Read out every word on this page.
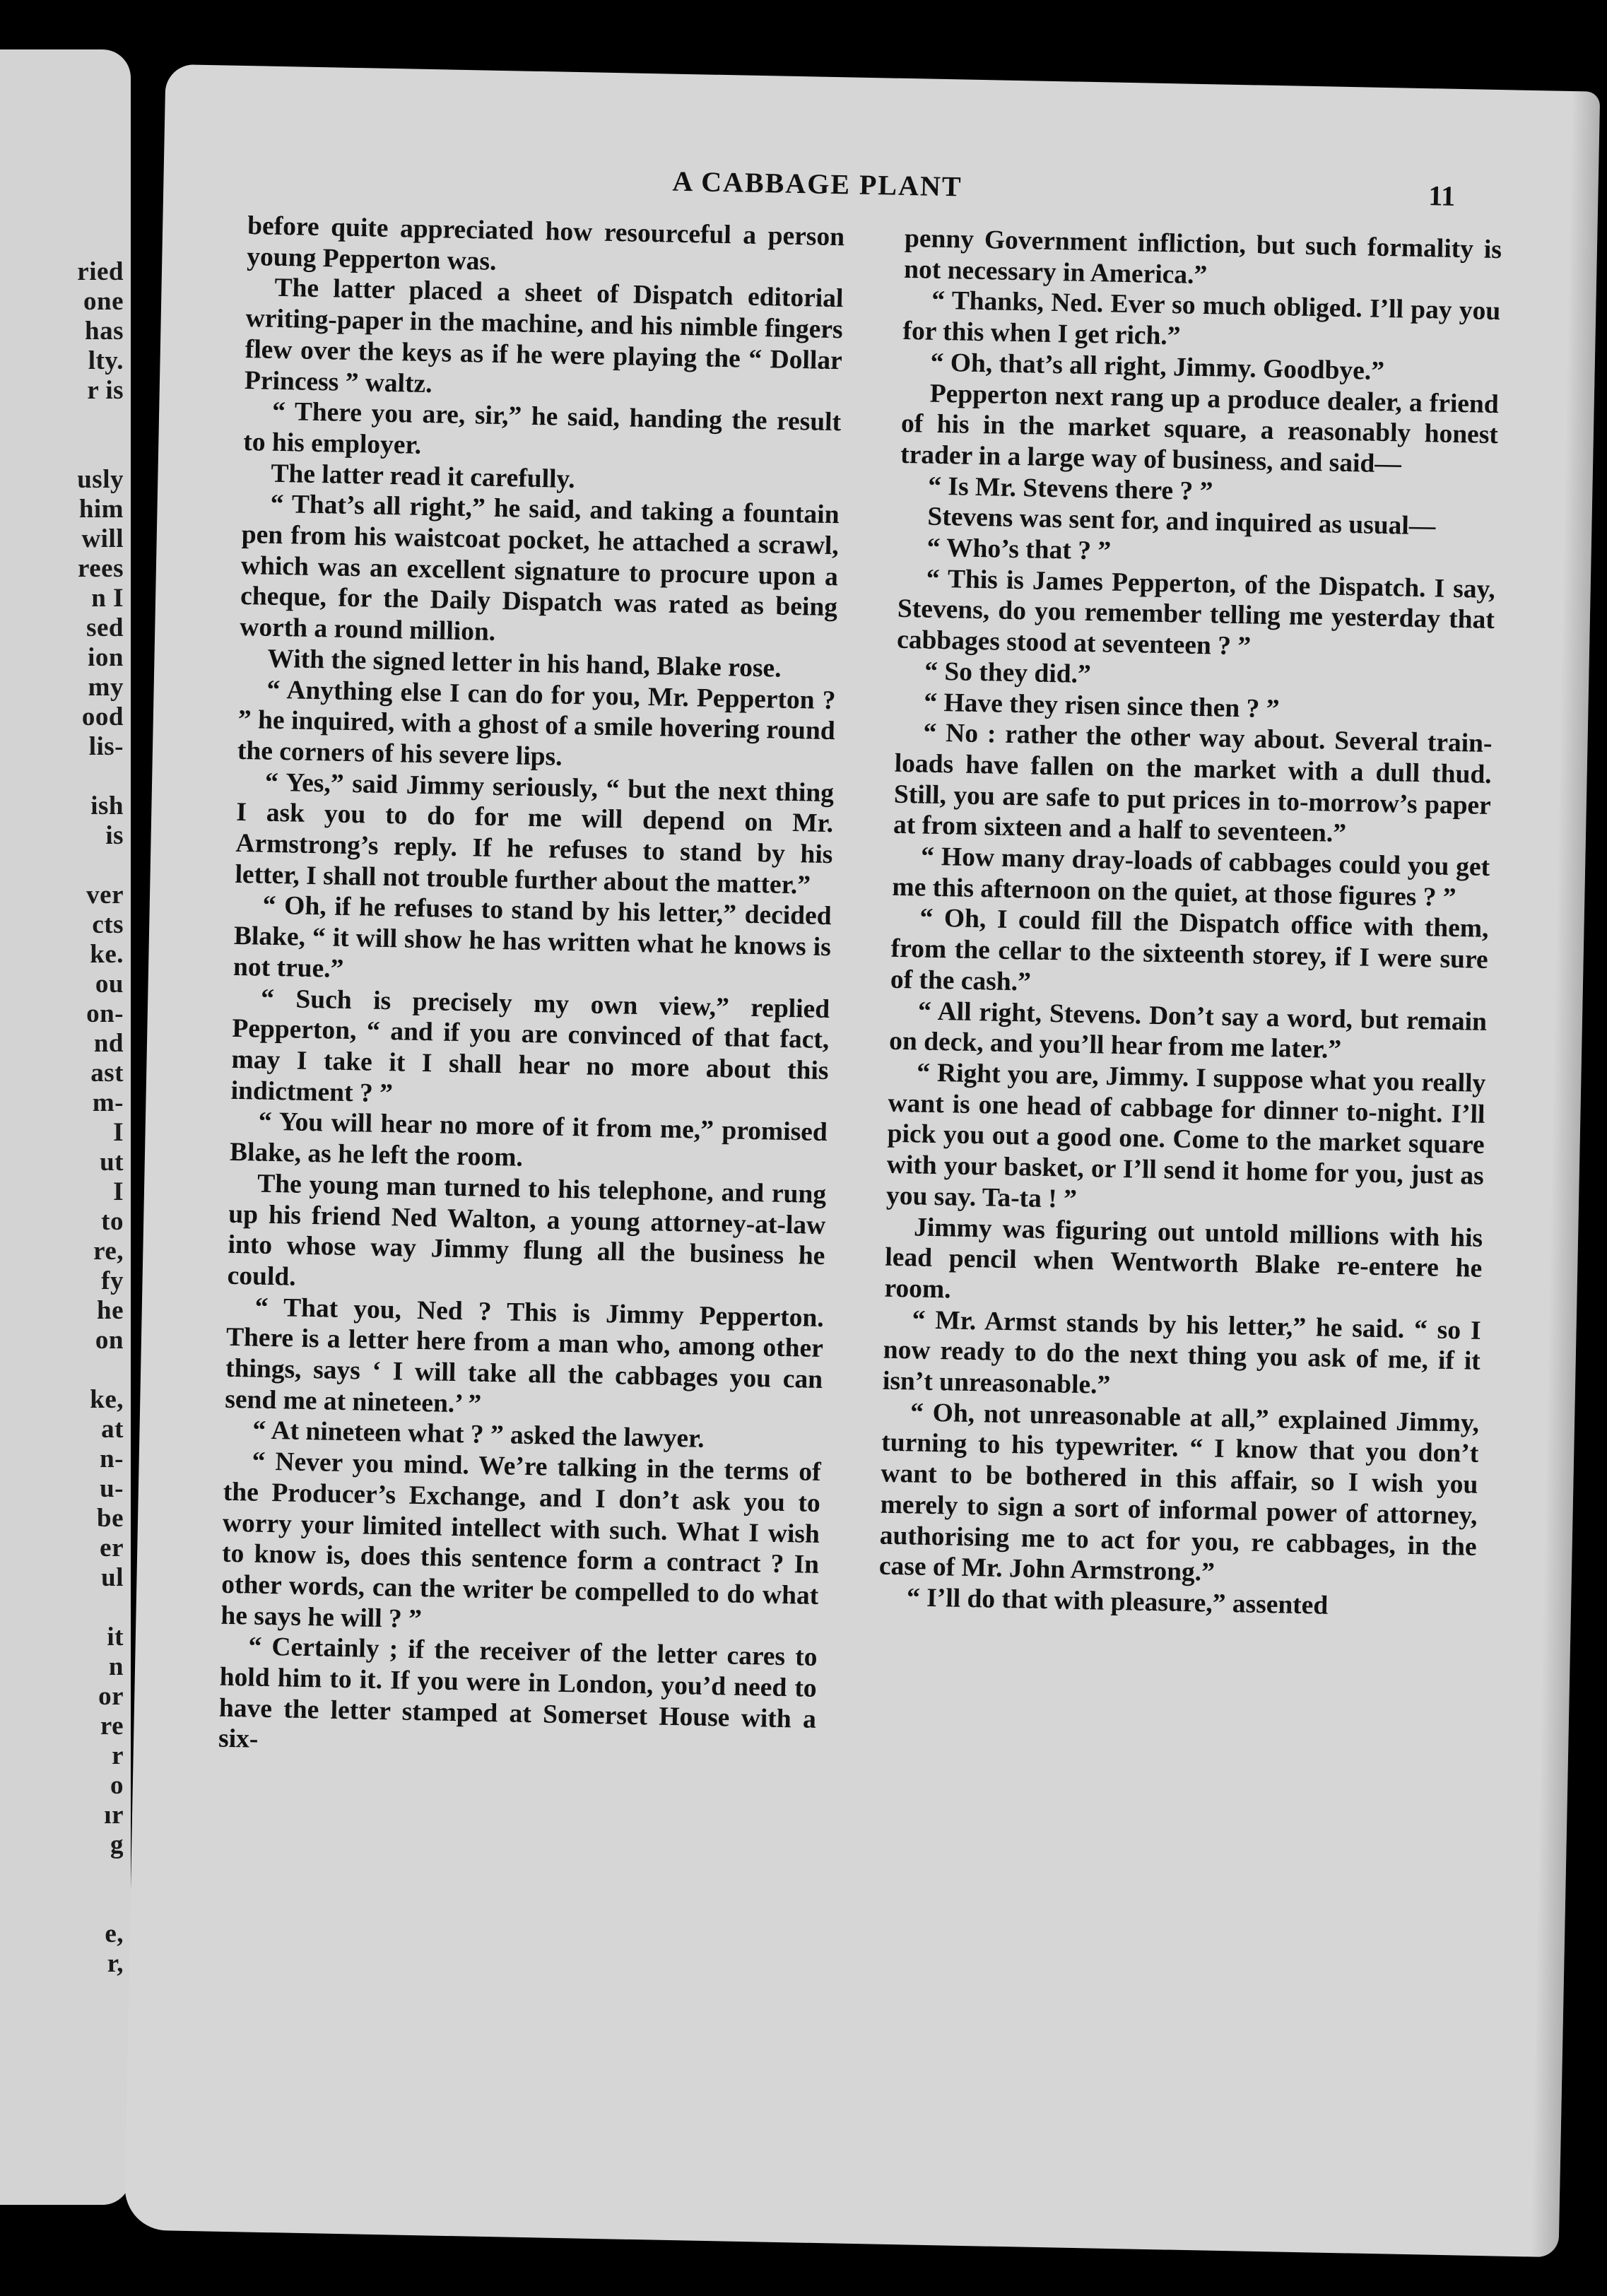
ried
one
has
lty.
r is
usly
him
will
rees
n I
sed
ion
my
ood
lis-
ish
is
ver
cts
ke.
ou
on-
nd
ast
m-
I
ut
I
to
re,
fy
he
on
ke,
at
n-
u-
be
er
ul
it
n
or
re
r
o
ır
g
e,
r,
A CABBAGE PLANT	11

before quite appreciated how resourceful a person young Pepperton was.

The latter placed a sheet of Dispatch editorial writing-paper in the machine, and his nimble fingers flew over the keys as if he were playing the “ Dollar Princess ” waltz.

“ There you are, sir,” he said, handing the result to his employer.

The latter read it carefully.

“ That’s all right,” he said, and taking a fountain pen from his waistcoat pocket, he attached a scrawl, which was an excellent signature to procure upon a cheque, for the Daily Dispatch was rated as being worth a round million.

With the signed letter in his hand, Blake rose.

“ Anything else I can do for you, Mr. Pepperton ? ” he inquired, with a ghost of a smile hovering round the corners of his severe lips.

“ Yes,” said Jimmy seriously, “ but the next thing I ask you to do for me will depend on Mr. Armstrong’s reply. If he refuses to stand by his letter, I shall not trouble further about the matter.”

“ Oh, if he refuses to stand by his letter,” decided Blake, “ it will show he has written what he knows is not true.”

“ Such is precisely my own view,” replied Pepperton, “ and if you are convinced of that fact, may I take it I shall hear no more about this indictment ? ”

“ You will hear no more of it from me,” promised Blake, as he left the room.

The young man turned to his telephone, and rung up his friend Ned Walton, a young attorney-at-law into whose way Jimmy flung all the business he could.

“ That you, Ned ? This is Jimmy Pepperton. There is a letter here from a man who, among other things, says ‘ I will take all the cabbages you can send me at nineteen.’ ”

“ At nineteen what ? ” asked the lawyer.

“ Never you mind. We’re talking in the terms of the Producer’s Exchange, and I don’t ask you to worry your limited intellect with such. What I wish to know is, does this sentence form a contract ? In other words, can the writer be compelled to do what he says he will ? ”

“ Certainly ; if the receiver of the letter cares to hold him to it. If you were in London, you’d need to have the letter stamped at Somerset House with a six-

penny Government infliction, but such formality is not necessary in America.”

“ Thanks, Ned. Ever so much obliged. I’ll pay you for this when I get rich.”

“ Oh, that’s all right, Jimmy. Goodbye.”

Pepperton next rang up a produce dealer, a friend of his in the market square, a reasonably honest trader in a large way of business, and said—

“ Is Mr. Stevens there ? ”

Stevens was sent for, and inquired as usual—

“ Who’s that ? ”

“ This is James Pepperton, of the Dispatch. I say, Stevens, do you remember telling me yesterday that cabbages stood at seventeen ? ”

“ So they did.”

“ Have they risen since then ? ”

“ No : rather the other way about. Several train-loads have fallen on the market with a dull thud. Still, you are safe to put prices in to-morrow’s paper at from sixteen and a half to seventeen.”

“ How many dray-loads of cabbages could you get me this afternoon on the quiet, at those figures ? ”

“ Oh, I could fill the Dispatch office with them, from the cellar to the sixteenth storey, if I were sure of the cash.”

“ All right, Stevens. Don’t say a word, but remain on deck, and you’ll hear from me later.”

“ Right you are, Jimmy. I suppose what you really want is one head of cabbage for dinner to-night. I’ll pick you out a good one. Come to the market square with your basket, or I’ll send it home for you, just as you say. Ta-ta ! ”

Jimmy was figuring out untold millions with his lead pencil when Wentworth Blake re-entere he room.

“ Mr. Armst stands by his letter,” he said. “ so I now ready to do the next thing you ask of me, if it isn’t unreasonable.”

“ Oh, not unreasonable at all,” explained Jimmy, turning to his typewriter. “ I know that you don’t want to be bothered in this affair, so I wish you merely to sign a sort of informal power of attorney, authorising me to act for you, re cabbages, in the case of Mr. John Armstrong.”

“ I’ll do that with pleasure,” assented
